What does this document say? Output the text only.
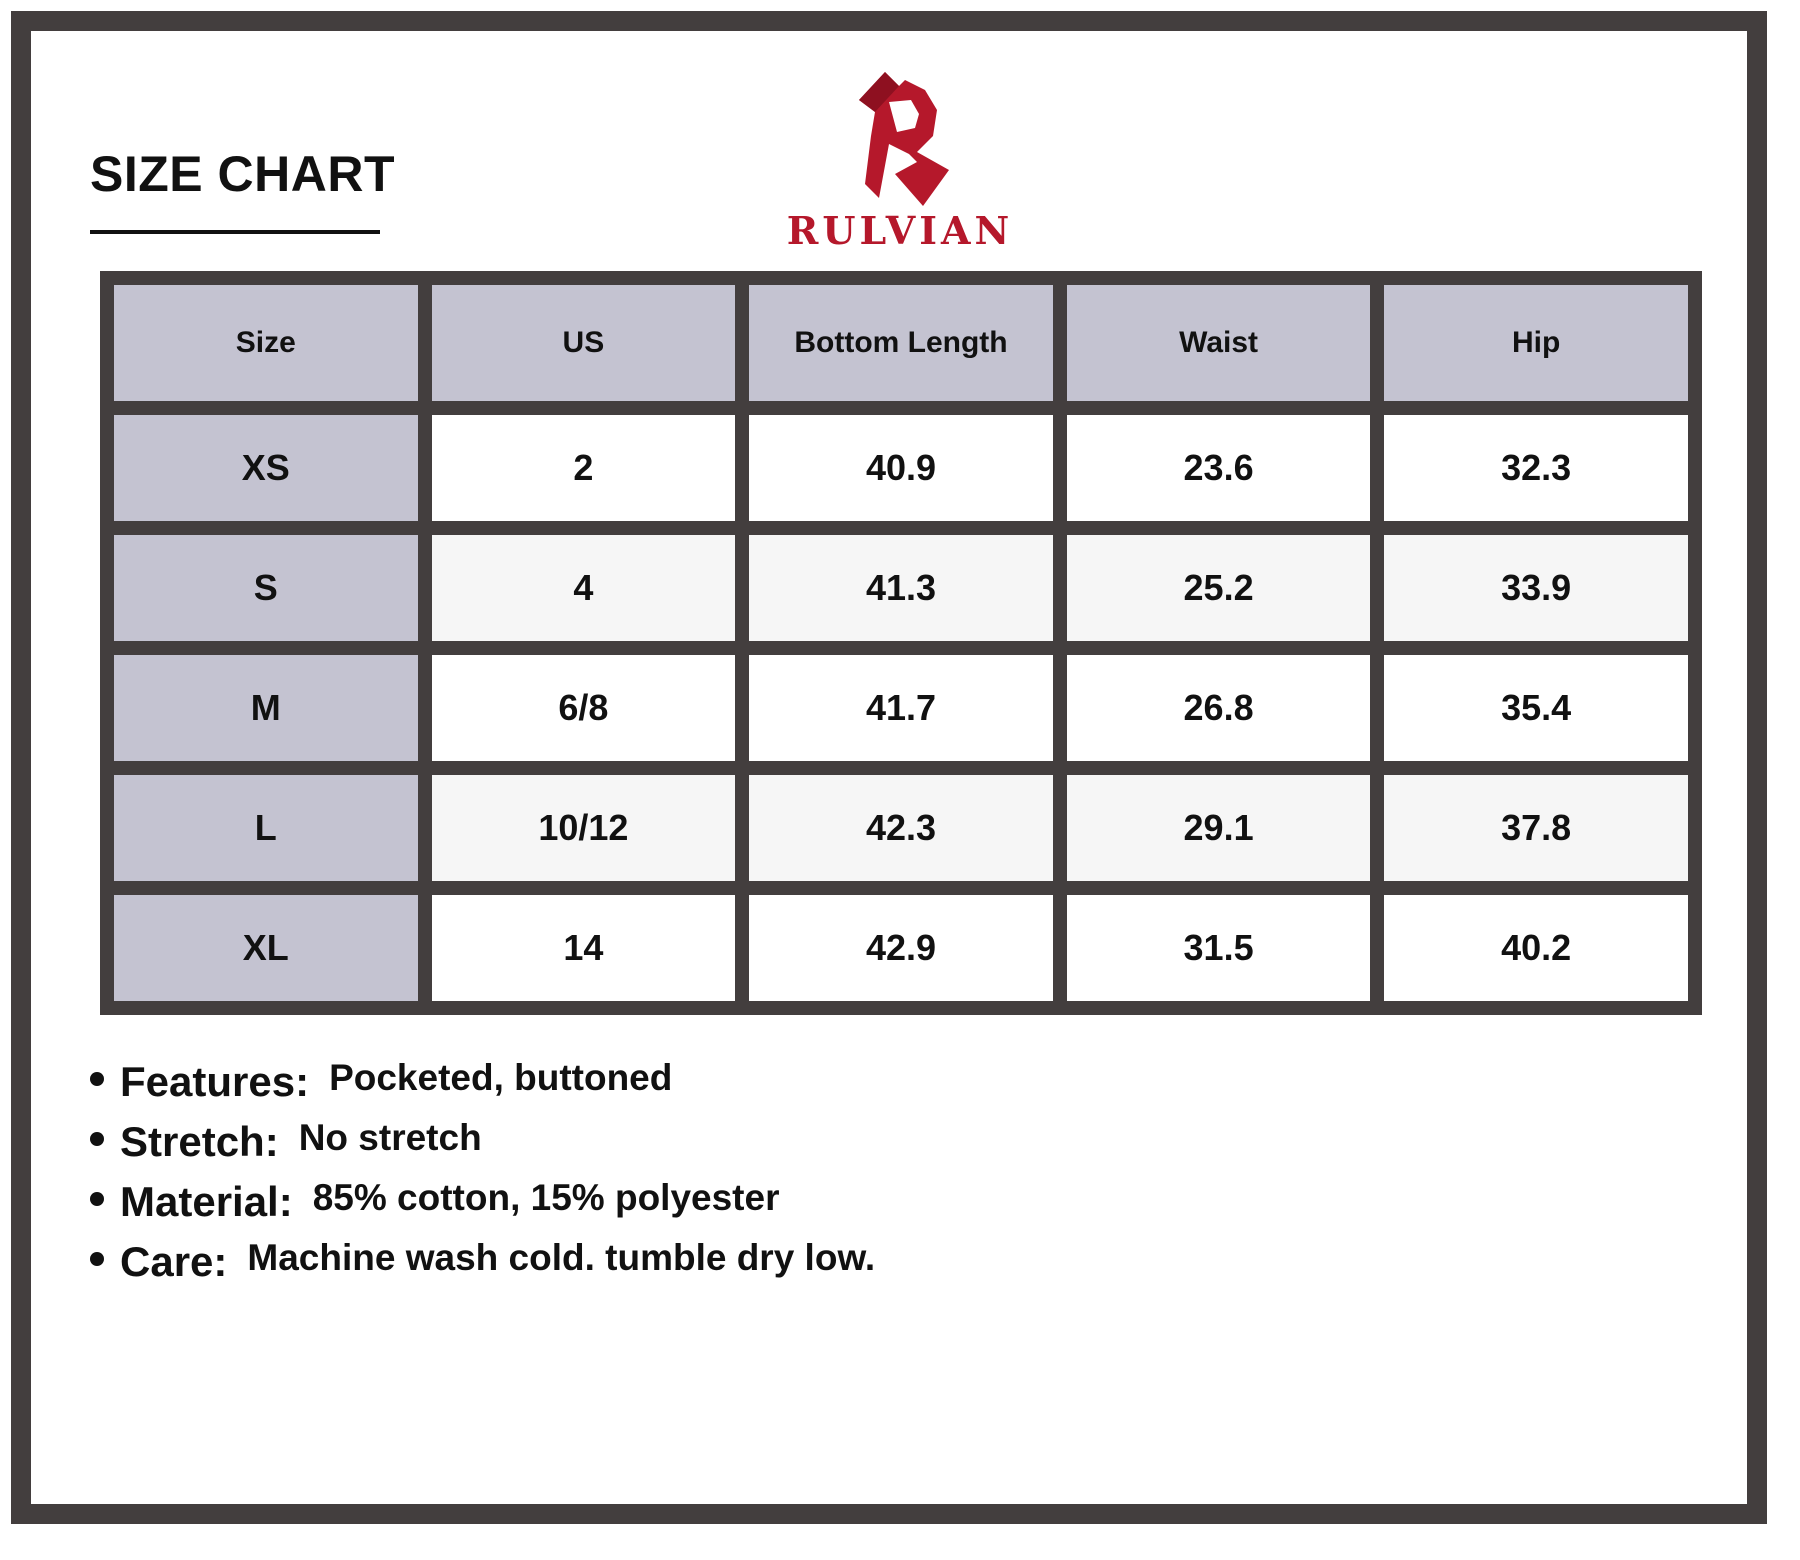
SIZE CHART
RULVIAN
Size	US	Bottom Length	Waist	Hip
XS	2	40.9	23.6	32.3
S	4	41.3	25.2	33.9
M	6/8	41.7	26.8	35.4
L	10/12	42.3	29.1	37.8
XL	14	42.9	31.5	40.2
Features: Pocketed, buttoned
Stretch: No stretch
Material: 85% cotton, 15% polyester
Care: Machine wash cold. tumble dry low.
